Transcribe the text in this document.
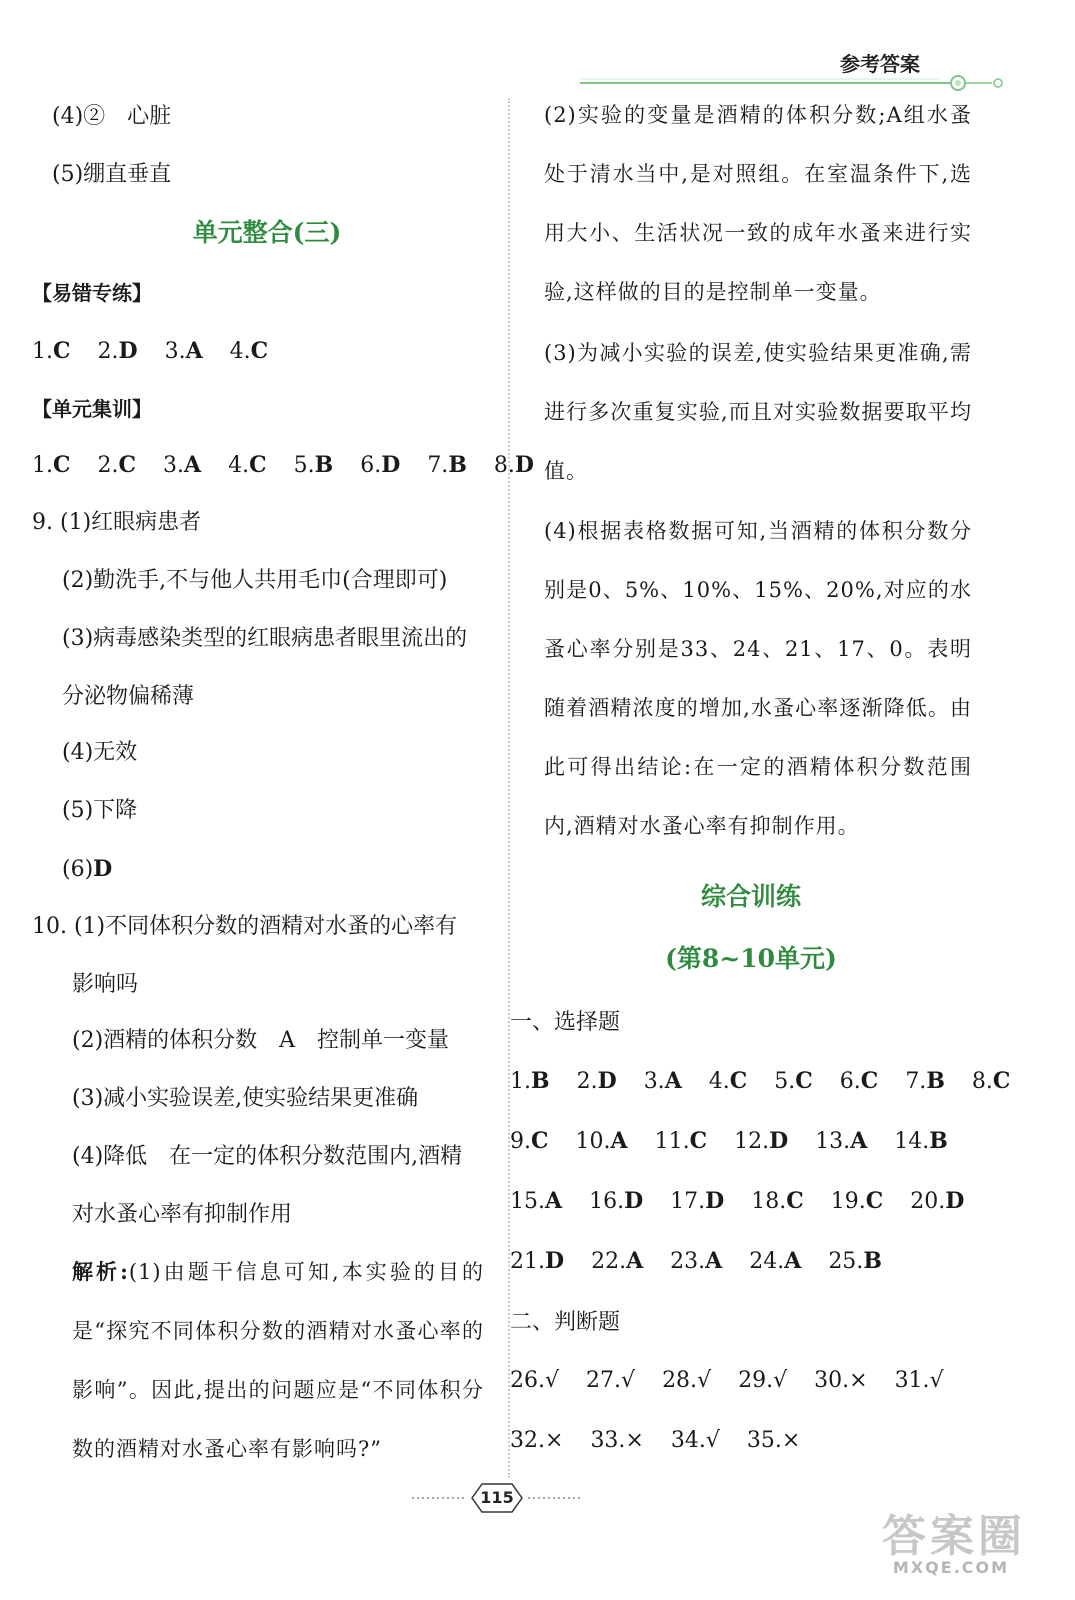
参考答案
(4)②　心脏
(5)绷直垂直
单元整合(三)
【易错专练】
1.C 2.D 3.A 4.C
【单元集训】
1.C 2.C 3.A 4.C 5.B 6.D 7.B 8.D
9. (1)红眼病患者
(2)勤洗手,不与他人共用毛巾(合理即可)
(3)病毒感染类型的红眼病患者眼里流出的
分泌物偏稀薄
(4)无效
(5)下降
(6)D
10. (1)不同体积分数的酒精对水蚤的心率有
影响吗
(2)酒精的体积分数　A　控制单一变量
(3)减小实验误差,使实验结果更准确
(4)降低　在一定的体积分数范围内,酒精
对水蚤心率有抑制作用
解析:(1)由题干信息可知,本实验的目的是“探究不同体积分数的酒精对水蚤心率的影响”。因此,提出的问题应是“不同体积分数的酒精对水蚤心率有影响吗?”
(2)实验的变量是酒精的体积分数;A组水蚤处于清水当中,是对照组。在室温条件下,选用大小、生活状况一致的成年水蚤来进行实验,这样做的目的是控制单一变量。
(3)为减小实验的误差,使实验结果更准确,需进行多次重复实验,而且对实验数据要取平均值。
(4)根据表格数据可知,当酒精的体积分数分别是0、5%、10%、15%、20%,对应的水蚤心率分别是33、24、21、17、0。表明随着酒精浓度的增加,水蚤心率逐渐降低。由此可得出结论:在一定的酒精体积分数范围内,酒精对水蚤心率有抑制作用。
综合训练
(第8~10单元)
一、选择题
1.B 2.D 3.A 4.C 5.C 6.C 7.B 8.C
9.C 10.A 11.C 12.D 13.A 14.B
15.A 16.D 17.D 18.C 19.C 20.D
21.D 22.A 23.A 24.A 25.B
二、判断题
26.√ 27.√ 28.√ 29.√ 30.× 31.√
32.× 33.× 34.√ 35.×
115
答案圈
MXQE.COM
